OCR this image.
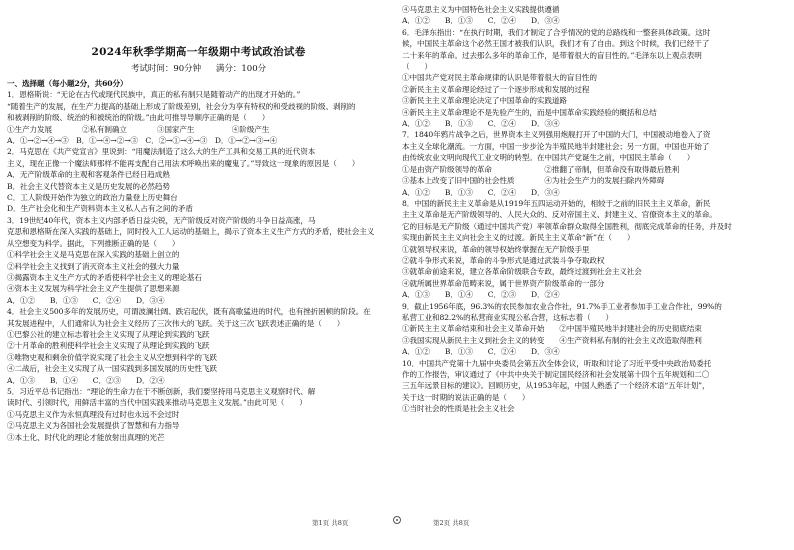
2024年秋季学期高一年级期中考试政治试卷
考试时间：90分钟 满分：100分
一、选择题（每小题2分，共60分）
1．恩格斯说：“无论在古代或现代民族中，真正的私有制只是随着动产的出现才开始的。”
“随着生产的发展，在生产力提高的基础上形成了阶级差别，社会分为享有特权的和受歧视的阶级、剥削的
和被剥削的阶级、统治的和被统治的阶级。”由此可推导导顺序正确的是（　　）
①生产力发展　　　　②私有制确立　　　　③国家产生　　　　　④阶级产生
A．①→②→④→③　B．①→④→②→③　C．②→①→④→③　D．①→②→③→④
2．马克思在《共产党宣言》里说到：“用魔法制造了这么大的生产工具和交易工具的近代资本
主义，现在正像一个魔法师那样不能再支配自己用法术呼唤出来的魔鬼了。”导致这一现象的原因是（　　）
A．无产阶级革命的主观和客观条件已经日趋成熟
B．社会主义代替资本主义是历史发展的必然趋势
C．工人阶级开始作为独立的政治力量登上历史舞台
D．生产社会化和生产资料资本主义私人占有之间的矛盾
3．19世纪40年代，资本主义内部矛盾日益尖锐，无产阶级反对资产阶级的斗争日益高涨，马
克思和恩格斯在深入实践的基础上，同时投入工人运动的基础上，揭示了资本主义生产方式的矛盾，使社会主义
从空想变为科学。据此，下列推断正确的是（　　）
①科学社会主义是马克思在深入实践的基础上创立的
②科学社会主义找到了消灭资本主义社会的强大力量
③揭露资本主义生产方式的矛盾使科学社会主义的理论基石
④资本主义发展为科学社会主义产生提供了思想来源
A．①②　　B．①③　　C．②④　　D．③④
4．社会主义500多年的发展历史，可谓波澜壮阔、跌宕起伏，既有高歌猛进的时代，也有挫折困顿的阶段。在
其发展进程中，人们通常认为社会主义经历了三次伟大的飞跃。关于这三次飞跃表述正确的是（　　）
①巴黎公社的建立标志着社会主义实现了从理论到实践的飞跃
②十月革命的胜利使科学社会主义实现了从理论到实践的飞跃
③唯物史观和剩余价值学说实现了社会主义从空想到科学的飞跃
④二战后，社会主义实现了从一国实践到多国发展的历史性飞跃
A．①③　　B．①④　　C．②③　　D．②④
5．习近平总书记指出：“理论的生命力在于不断创新，我们要坚持用马克思主义观察时代、解
读时代、引领时代，用鲜活丰富的当代中国实践来推动马克思主义发展。”由此可见（　　）
①马克思主义作为永恒真理没有过时也永远不会过时
②马克思主义为各国社会发展提供了智慧和有力指导
③本土化、时代化的理论才能放射出真理的光芒
④马克思主义为中国特色社会主义实践提供遵循
A．①②　　B．①③　　C．②④　　D．③④
6．毛泽东指出：“在执行时期，我们才制定了合乎情况的党的总路线和一整套具体政策。这时
候，中国民主革命这个必然王国才被我们认识，我们才有了自由。到这个时候，我们已经干了
二十来年的革命。过去那么多年的革命工作，是带着很大的盲目性的。”毛泽东以上观点表明
（　　）
①中国共产党对民主革命规律的认识是带着很大的盲目性的
②新民主主义革命理论经过了一个逐步形成和发展的过程
③新民主主义革命理论决定了中国革命的实践道路
④新民主主义革命理论不是先验产生的，而是中国革命实践经验的概括和总结
A．①②　　B．①③　　C．②④　　D．③④
7．1840年鸦片战争之后，世界资本主义列强用炮舰打开了中国的大门，中国被动地卷入了资
本主义全球化潮流。一方面，中国一步步沦为半殖民地半封建社会；另一方面，中国也开始了
由传统农业文明向现代工业文明的转型。在中国共产党诞生之前，中国民主革命（　　）
①是由资产阶级领导的革命　　　　　　　②推翻了帝制，但革命没有取得最后胜利
③基本上改变了旧中国的社会性质　　　　④为社会生产力的发展扫除内外障碍
A．①②　　B．①③　　C．②④　　D．③④
8．中国的新民主主义革命是从1919年五四运动开始的，相较于之前的旧民主主义革命，新民
主主义革命是无产阶级领导的、人民大众的、反对帝国主义、封建主义、官僚资本主义的革命。
它的目标是无产阶级（通过中国共产党）率领革命群众取得全国胜利，彻底完成革命的任务，并及时
实现由新民主主义向社会主义的过渡。新民主主义革命“新”在（　　）
①就领导权来说，革命的领导权始终掌握在无产阶级手里
②就斗争形式来说，革命的斗争形式是通过武装斗争夺取政权
③就革命前途来说，建立各革命阶级联合专政，最终过渡到社会主义社会
④就所属世界革命范畴来说，属于世界资产阶级革命的一部分
A．①③　　B．①④　　C．②③　　D．②④
9．截止1956年底，96.3%的农民参加农业合作社，91.7%手工业者参加手工业合作社，99%的
私营工业和82.2%的私营商业实现公私合营，这标志着（　　）
①新民主主义革命结束和社会主义革命开始　　②中国半殖民地半封建社会的历史彻底结束
③我国实现从新民主主义到社会主义的转变　　④生产资料私有制的社会主义改造取得胜利
A．①②　　B．①③　　C．②④　　D．③④
10．中国共产党第十九届中央委员会第五次全体会议，听取和讨论了习近平受中央政治局委托
作的工作报告，审议通过了《中共中央关于制定国民经济和社会发展第十四个五年规划和二〇
三五年远景目标的建议》。回顾历史，从1953年起，中国人熟悉了一个经济术语“五年计划”，
关于这一时期的说法正确的是（　　）
①当时社会的性质是社会主义社会
第1页 共8页	第2页 共8页
